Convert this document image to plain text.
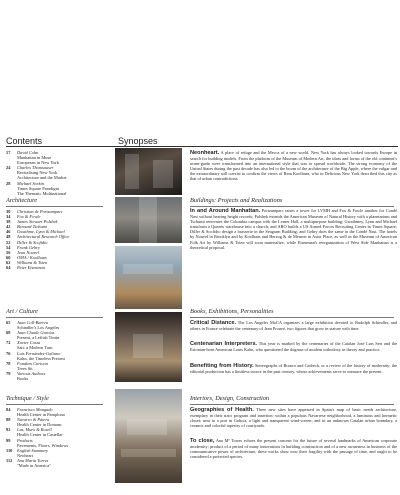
Contents	Synopses
17	David Cohn
Manhattan in Muse
Europeans in New York
24	Charles Thomsauser
Revitalising New York
Architecture and the Market
28	Michael Sorkin
Times Square Paradigm
The Thematic Multinational

Architecture

30	Christian de Portzamparc
34	Fox & Fowle
38	James Stewart Polshek
42	Bernard Tschumi
46	Gwathme, Lynn & Michael
48	Architectural Research Office
52	Diller & Scofidio
54	Frank Gehry
56	Jean Nouvel
60	OMA / Koolhaas
62	Williams & Tsien
64	Peter Eisenman

Art / Culture

65	Juan Coll-Barreu
Schindler's Los Angeles
68	Juan Chuale Garcías
Present, a Leftish Tintin
72	Xavier Costa
Satt: a Modern Turn
76	Luis Fernández-Galiano
Kahn, the Timeless Present
78	Fondues Cartoon
Trees Sit
79	Various Authors
Books

Technique / Style

84	Francisco Mangado
Health Center in Pamplona
88	Navarro & Pátera
Health Center in Domanc
92	Luz, Muro & Rosell
Health Center in Castellar
99	Products
Pavements, Floors, Windows
110	English Summary
Neoheart
112	Ana María Torres
"Made in America"

Neonheart. A place of refuge and the Mecca of a new world. New York has always looked towards Europe in search for building models. From the platform of the Museum of Modern Art, the ideas and forms of the old continent's avant-garde were transformed into an international style that was to spread worldwide. The strong economy of the United States during the past decade has also led to the boom of the architecture of the Big Apple, where the vulgar and the extraordinary still coexist to confirm the views of Rem Koolhaas, who in Delirious New York described this city as that of urban contradictions.

Buildings: Projects and Realizations

In and Around Manhattan. Portzamparc raises a tower for LVMH and Fox & Fowle another for Condé Nast without bearing height records; Polshek extends the American Museum of Natural History with a planetarium and Tschumi renovates the Columbia campus with the Lerner Hall, a multipurpose building; Gwathmey, Lynn and Michael transform a Queens warehouse into a church; and ARO builds a US Armed Forces Recruiting Center in Times Square; Diller & Scofidio design a brasserie in the Seagram Building; and Gehry does the same in the Condé Nast. The hotels by Nouvel in Brooklyn and by Koolhaas and Herzog & de Meuron in Astor Place, as well as the Museum of American Folk Art by Williams & Tsien will soon materialize, while Eisenman's reorganization of West Side Manhattan is a theoretical proposal.

Books, Exhibitions, Personalities

Critical Distance. The Los Angeles MoCA organizes a large exhibition devoted to Rudolph Schindler, and others in France celebrate the centenary of Jean Prouvé, two figures that grow in stature with time.

Centenarian Interpreters. This year is marked by the centenaries of the Catalan José Luis Sert and the Estonian-born American Louis Kahn, who questioned the dogmas of modern orthodoxy in theory and practice.

Benefiting from History. Stereographs of Branco and Cedrech, or a review of the history of modernity: the editorial production has a limitless source in the past century, whose achievements serve to measure the present.

Interiors, Design, Construction

Geographies of Health. Three new sites have appeared in Spain's map of basic needs architecture, exemplary in their strict program and insertion: within a populous Navarrese neighborhood, a luminous and hermetic closet; next to a port in Galicia, a light and transparent wind-screen; and in an unknown Catalan urban boundary, a ceramic and colorful tapestry of courtyards.

To close, Ana Mª Torres echoes the present concern for the future of several landmarks of American corporate modernity; product of a period of many innovations in building construction and of a new awareness in business of the communicative power of architecture, these works show now their fragility with the passage of time, and ought to be considered a protected species.
